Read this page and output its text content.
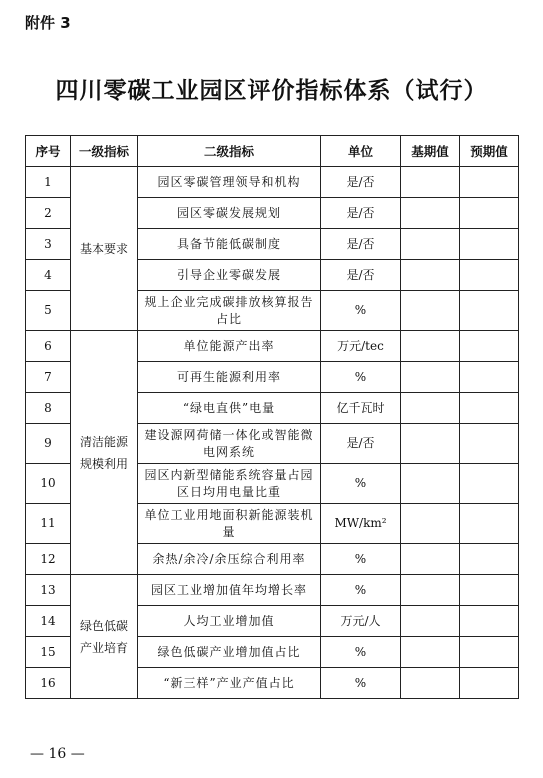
附件 3
四川零碳工业园区评价指标体系（试行）
序号	一级指标	二级指标	单位	基期值	预期值
1	基本要求	园区零碳管理领导和机构	是/否		
2		园区零碳发展规划	是/否		
3		具备节能低碳制度	是/否		
4		引导企业零碳发展	是/否		
5		规上企业完成碳排放核算报告占比	%		
6	清洁能源规模利用	单位能源产出率	万元/tec		
7		可再生能源利用率	%		
8		“绿电直供”电量	亿千瓦时		
9		建设源网荷储一体化或智能微电网系统	是/否		
10		园区内新型储能系统容量占园区日均用电量比重	%		
11		单位工业用地面积新能源装机量	MW/km²		
12		余热/余冷/余压综合利用率	%		
13	绿色低碳产业培育	园区工业增加值年均增长率	%		
14		人均工业增加值	万元/人		
15		绿色低碳产业增加值占比	%		
16		“新三样”产业产值占比	%		
— 16 —
